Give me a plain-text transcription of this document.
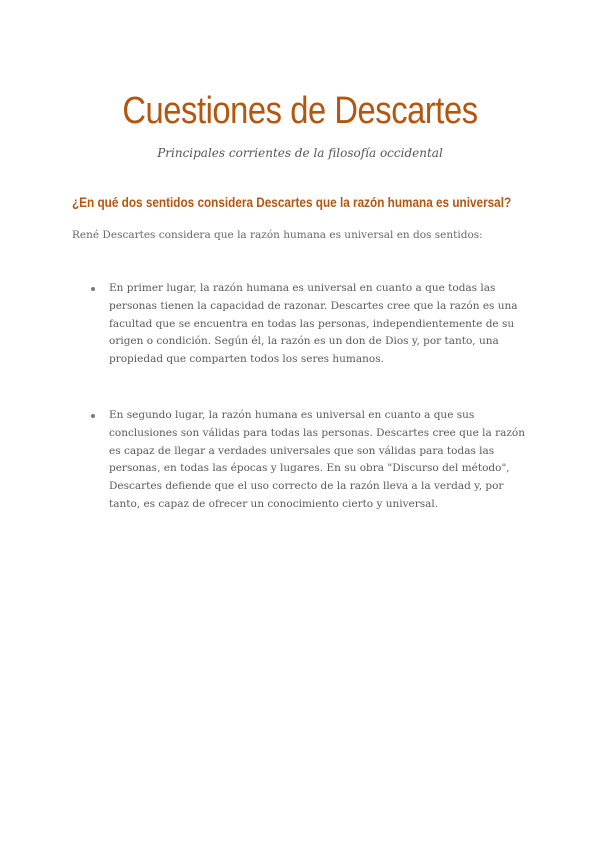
Cuestiones de Descartes

Principales corrientes de la filosofía occidental

¿En qué dos sentidos considera Descartes que la razón humana es universal?

René Descartes considera que la razón humana es universal en dos sentidos:

En primer lugar, la razón humana es universal en cuanto a que todas las personas tienen la capacidad de razonar. Descartes cree que la razón es una facultad que se encuentra en todas las personas, independientemente de su origen o condición. Según él, la razón es un don de Dios y, por tanto, una propiedad que comparten todos los seres humanos.
En segundo lugar, la razón humana es universal en cuanto a que sus conclusiones son válidas para todas las personas. Descartes cree que la razón es capaz de llegar a verdades universales que son válidas para todas las personas, en todas las épocas y lugares. En su obra "Discurso del método", Descartes defiende que el uso correcto de la razón lleva a la verdad y, por tanto, es capaz de ofrecer un conocimiento cierto y universal.
